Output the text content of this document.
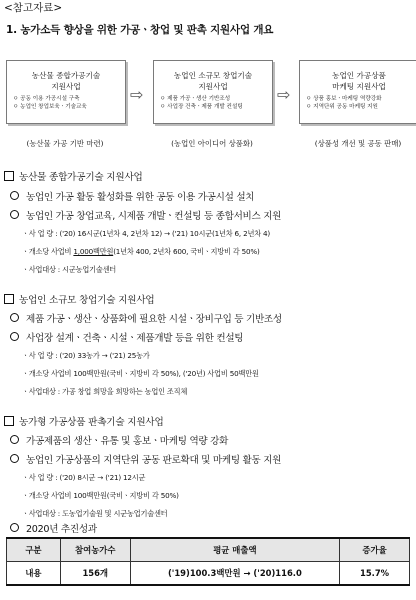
<참고자료>
1. 농가소득 향상을 위한 가공ㆍ창업 및 판촉 지원사업 개요
농산물 종합가공기술
지원사업
ㅇ 공동 이용 가공시설 구축
ㅇ 농업인 창업보육ㆍ기술교육
⇨
농업인 소규모 창업기술
지원사업
ㅇ 제품 가공ㆍ생산 기반조성
ㅇ 사업장 건축ㆍ제품 개발 컨설팅
⇨
농업인 가공상품
마케팅 지원사업
ㅇ 상품 홍보ㆍ마케팅 역량강화
ㅇ 지역단위 공동 마케팅 지원
(농산물 가공 기반 마련)	(농업인 아이디어 상품화)	(상품성 개선 및 공동 판매)
농산물 종합가공기술 지원사업
농업인 가공 활동 활성화를 위한 공동 이용 가공시설 설치
농업인 가공 창업교육, 시제품 개발ㆍ컨설팅 등 종합서비스 지원
ㆍ사 업 량 : ('20) 16시군(1년차 4, 2년차 12) → ('21) 10시군(1년차 6, 2년차 4)
ㆍ개소당 사업비 1,000백만원(1년차 400, 2년차 600, 국비ㆍ지방비 각 50%)
ㆍ사업대상 : 시군농업기술센터
농업인 소규모 창업기술 지원사업
제품 가공ㆍ생산ㆍ상품화에 필요한 시설ㆍ장비구입 등 기반조성
사업장 설계ㆍ건축ㆍ시설ㆍ제품개발 등을 위한 컨설팅
ㆍ사 업 량 : ('20) 33농가 → ('21) 25농가
ㆍ개소당 사업비 100백만원(국비ㆍ지방비 각 50%), ('20년) 사업비 50백만원
ㆍ사업대상 : 가공 창업 희망을 희망하는 농업인 조직체
농가형 가공상품 판촉기술 지원사업
가공제품의 생산ㆍ유통 및 홍보ㆍ마케팅 역량 강화
농업인 가공상품의 지역단위 공동 판로확대 및 마케팅 활동 지원
ㆍ사 업 량 : ('20) 8시군 → ('21) 12시군
ㆍ개소당 사업비 100백만원(국비ㆍ지방비 각 50%)
ㆍ사업대상 : 도농업기술원 및 시군농업기술센터
2020년 추진성과
구분	참여농가수	평균 매출액	증가율
내용	156개	('19)100.3백만원 → ('20)116.0	15.7%
